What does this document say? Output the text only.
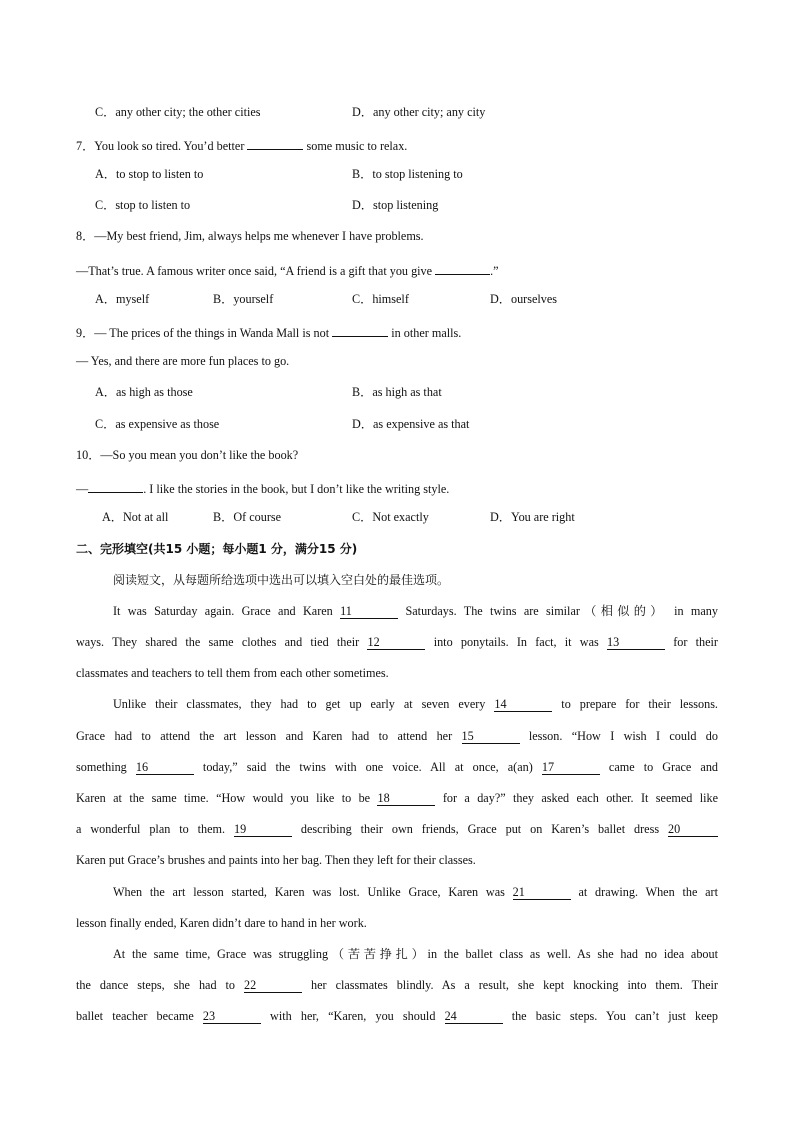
C．any other city; the other cities	D．any other city; any city
7．You look so tired. You’d better	some music to relax.
A．to stop to listen to	B．to stop listening to
C．stop to listen to	D．stop listening
8．—My best friend, Jim, always helps me whenever I have problems.
—That’s true. A famous writer once said, “A friend is a gift that you give	.”
A．myself	B．yourself	C．himself	D．ourselves
9．— The prices of the things in Wanda Mall is not	in other malls.
— Yes, and there are more fun places to go.
A．as high as those	B．as high as that
C．as expensive as those	D．as expensive as that
10．—So you mean you don’t like the book?
—	. I like the stories in the book, but I don’t like the writing style.
A．Not at all	B．Of course	C．Not exactly	D．You are right
二、完形填空(共15 小题；每小题1 分，满分15 分)
阅读短文，从每题所给选项中选出可以填入空白处的最佳选项。
It was Saturday again. Grace and Karen 11	Saturdays. The twins are similar（相似的） in many
ways. They shared the same clothes and tied their 12	into ponytails. In fact, it was 13	for their
classmates and teachers to tell them from each other sometimes.
Unlike their classmates, they had to get up early at seven every 14	to prepare for their lessons.
Grace had to attend the art lesson and Karen had to attend her 15	lesson. “How I wish I could do
something 16	today,” said the twins with one voice. All at once, a(an) 17	came to Grace and
Karen at the same time. “How would you like to be 18	for a day?” they asked each other. It seemed like
a wonderful plan to them. 19	describing their own friends, Grace put on Karen’s ballet dress 20
Karen put Grace’s brushes and paints into her bag. Then they left for their classes.
When the art lesson started, Karen was lost. Unlike Grace, Karen was 21	at drawing. When the art
lesson finally ended, Karen didn’t dare to hand in her work.
At the same time, Grace was struggling（苦苦挣扎）in the ballet class as well. As she had no idea about
the dance steps, she had to 22	her classmates blindly. As a result, she kept knocking into them. Their
ballet teacher became 23	with her, “Karen, you should 24	the basic steps. You can’t just keep
